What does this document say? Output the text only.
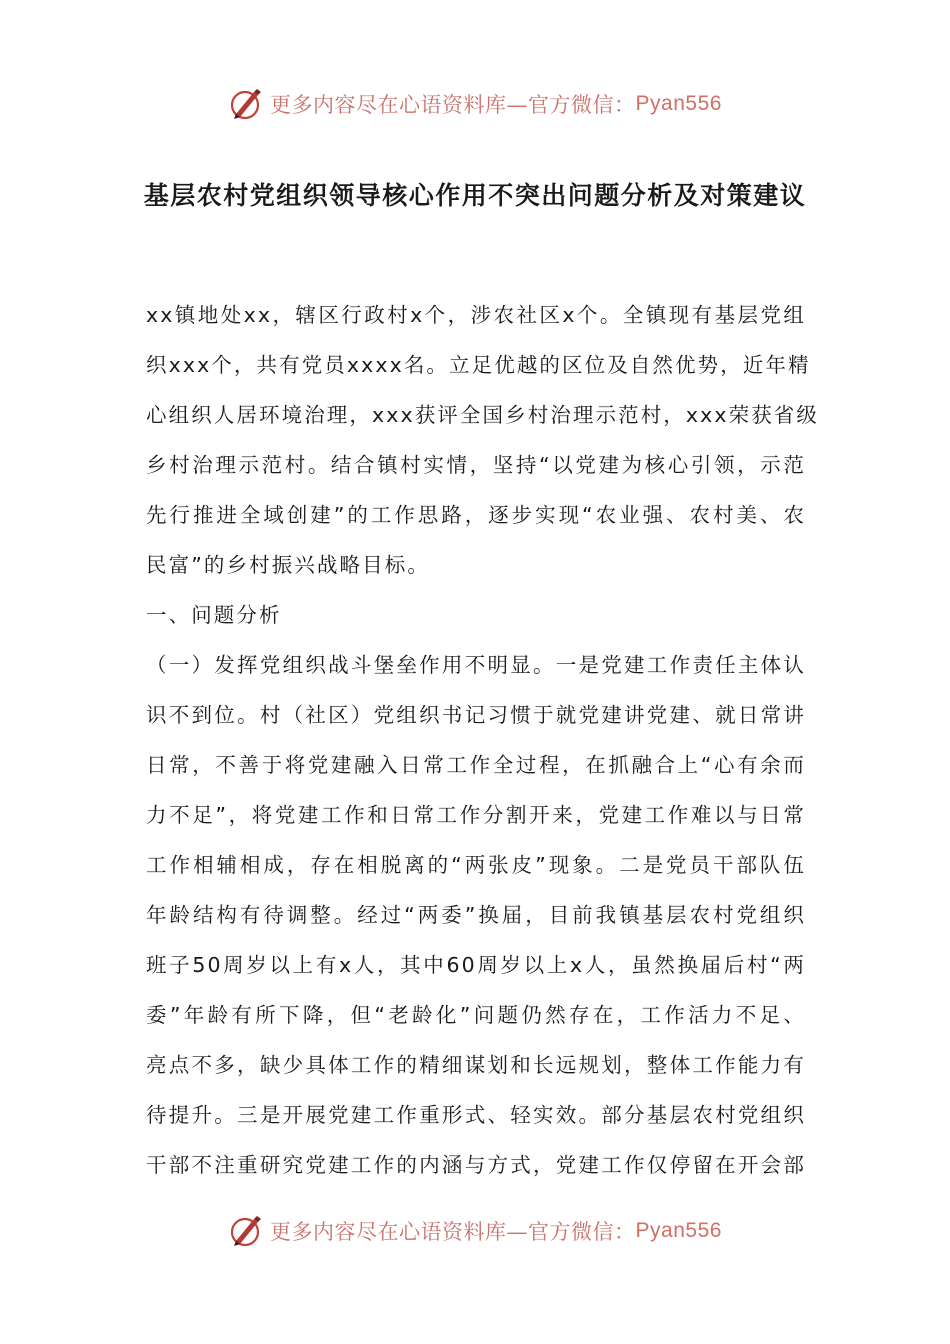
更多内容尽在心语资料库—官方微信： Pyan556
基层农村党组织领导核心作用不突出问题分析及对策建议
xx镇地处xx，辖区行政村x个，涉农社区x个。全镇现有基层党组
织xxx个，共有党员xxxx名。立足优越的区位及自然优势，近年精
心组织人居环境治理，xxx获评全国乡村治理示范村，xxx荣获省级
乡村治理示范村。结合镇村实情，坚持“以党建为核心引领，示范
先行推进全域创建”的工作思路，逐步实现“农业强、农村美、农
民富”的乡村振兴战略目标。
一、问题分析
（一）发挥党组织战斗堡垒作用不明显。一是党建工作责任主体认
识不到位。村（社区）党组织书记习惯于就党建讲党建、就日常讲
日常，不善于将党建融入日常工作全过程，在抓融合上“心有余而
力不足”，将党建工作和日常工作分割开来，党建工作难以与日常
工作相辅相成，存在相脱离的“两张皮”现象。二是党员干部队伍
年龄结构有待调整。经过“两委”换届，目前我镇基层农村党组织
班子50周岁以上有x人，其中60周岁以上x人，虽然换届后村“两
委”年龄有所下降，但“老龄化”问题仍然存在，工作活力不足、
亮点不多，缺少具体工作的精细谋划和长远规划，整体工作能力有
待提升。三是开展党建工作重形式、轻实效。部分基层农村党组织
干部不注重研究党建工作的内涵与方式，党建工作仅停留在开会部
更多内容尽在心语资料库—官方微信： Pyan556
